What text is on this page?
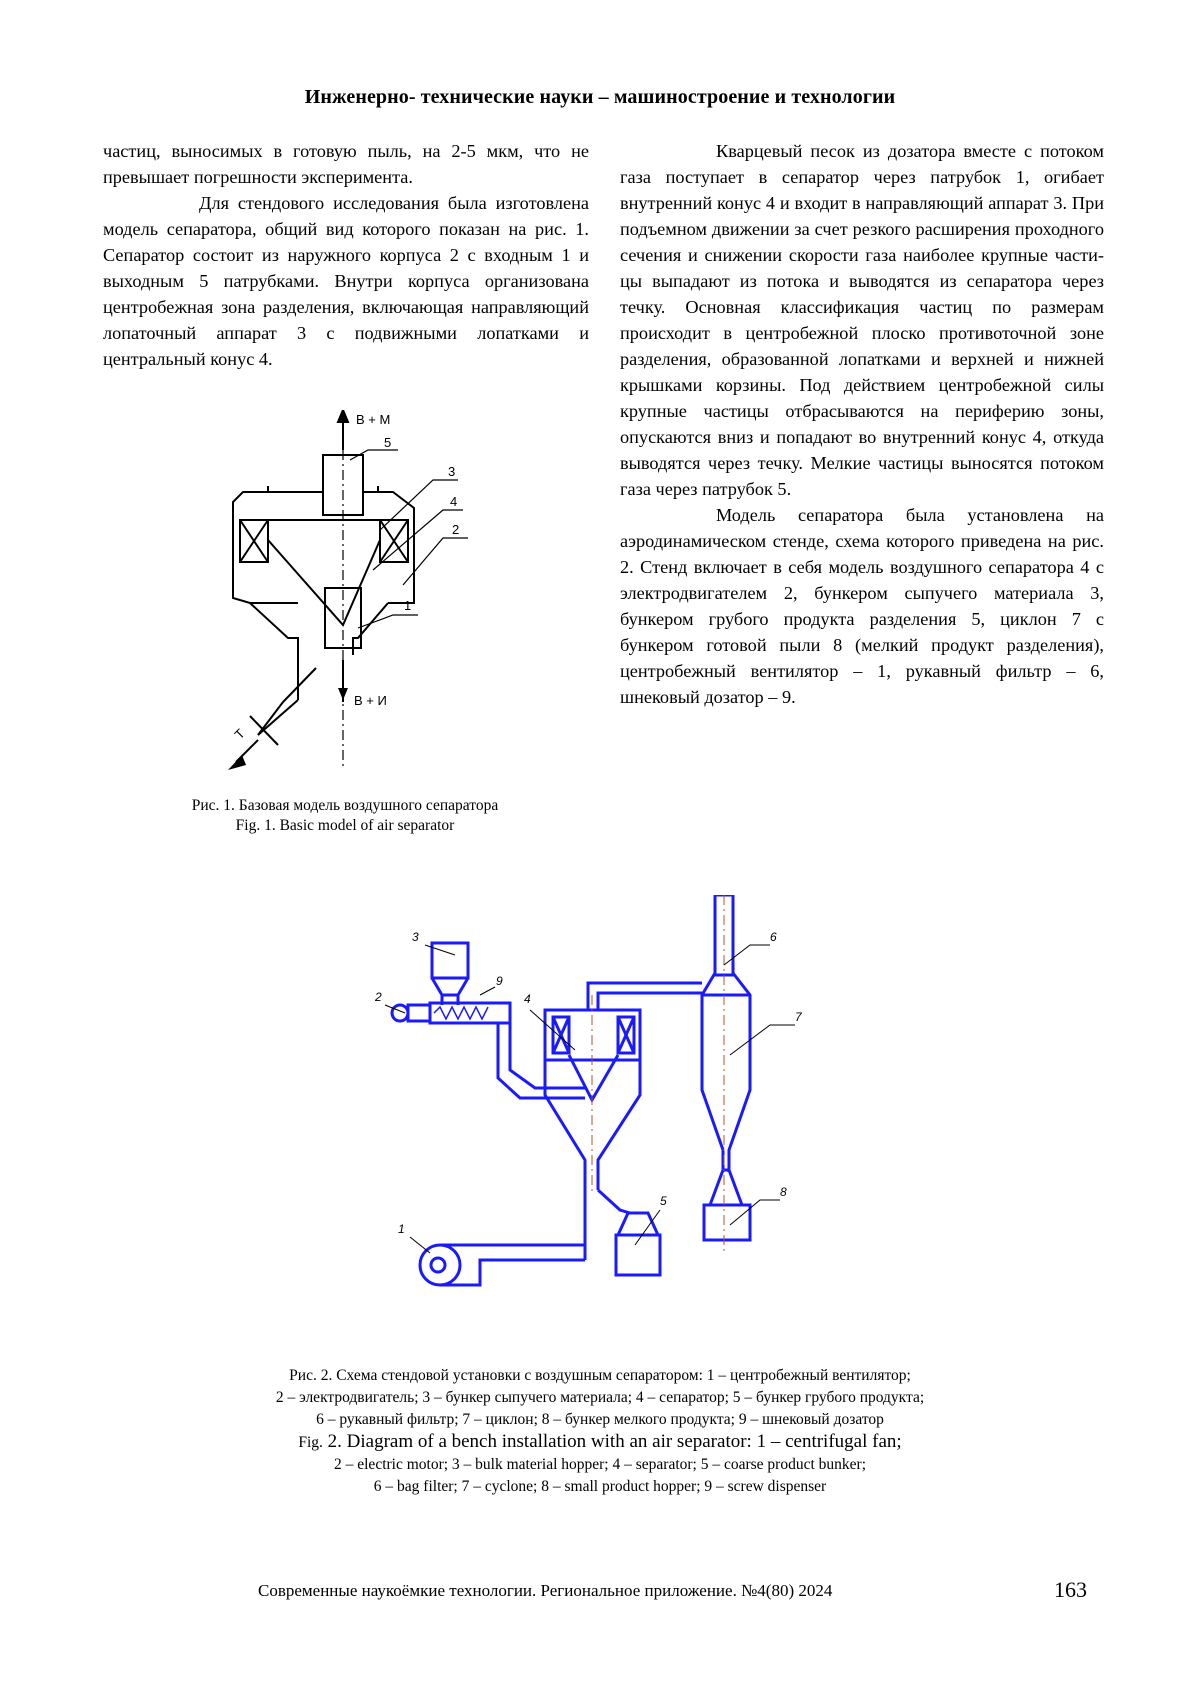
Инженерно- технические науки – машиностроение и технологии

частиц, выносимых в готовую пыль, на 2-5 мкм, что не превышает погрешности эксперимента.

Для стендового исследования была изготовлена модель сепаратора, общий вид которого показан на рис. 1. Сепаратор состоит из наружного корпуса 2 с входным 1 и выходным 5 патрубками. Внутри корпуса организована центробежная зона разделения, включающая направляющий лопаточный аппарат 3 с подвижными лопатками и центральный конус 4.

Кварцевый песок из дозатора вместе с потоком газа поступает в сепаратор через патрубок 1, огибает внутренний конус 4 и входит в направляющий аппарат 3. При подъемном движении за счет резкого расширения проходного сечения и снижении скорости газа наиболее крупные частицы выпадают из потока и выводятся из сепаратора через течку. Основная классификация частиц по размерам происходит в центробежной плоско противоточной зоне разделения, образованной лопатками и верхней и нижней крышками корзины. Под действием центробежной силы крупные частицы отбрасываются на периферию зоны, опускаются вниз и попадают во внутренний конус 4, откуда выводятся через течку. Мелкие частицы выносятся потоком газа через патрубок 5.

Модель сепаратора была установлена на аэродинамическом стенде, схема которого приведена на рис. 2. Стенд включает в себя модель воздушного сепаратора 4 с электродвигателем 2, бункером сыпучего материала 3, бункером грубого продукта разделения 5, циклон 7 с бункером готовой пыли 8 (мелкий продукт разделения), центробежный вентилятор – 1, рукавный фильтр – 6, шнековый дозатор – 9.

В + М
В + И
5
3
4
2
1
Т
Рис. 1. Базовая модель воздушного сепаратора
Fig. 1. Basic model of air separator
6
7
8
4
5
3
9
2
1
Рис. 2. Схема стендовой установки с воздушным сепаратором: 1 – центробежный вентилятор;
2 – электродвигатель; 3 – бункер сыпучего материала; 4 – сепаратор; 5 – бункер грубого продукта;
6 – рукавный фильтр; 7 – циклон; 8 – бункер мелкого продукта; 9 – шнековый дозатор
Fig. 2. Diagram of a bench installation with an air separator: 1 – centrifugal fan;
2 – electric motor; 3 – bulk material hopper; 4 – separator; 5 – coarse product bunker;
6 – bag filter; 7 – cyclone; 8 – small product hopper; 9 – screw dispenser
Современные наукоёмкие технологии. Региональное приложение. №4(80) 2024	163
